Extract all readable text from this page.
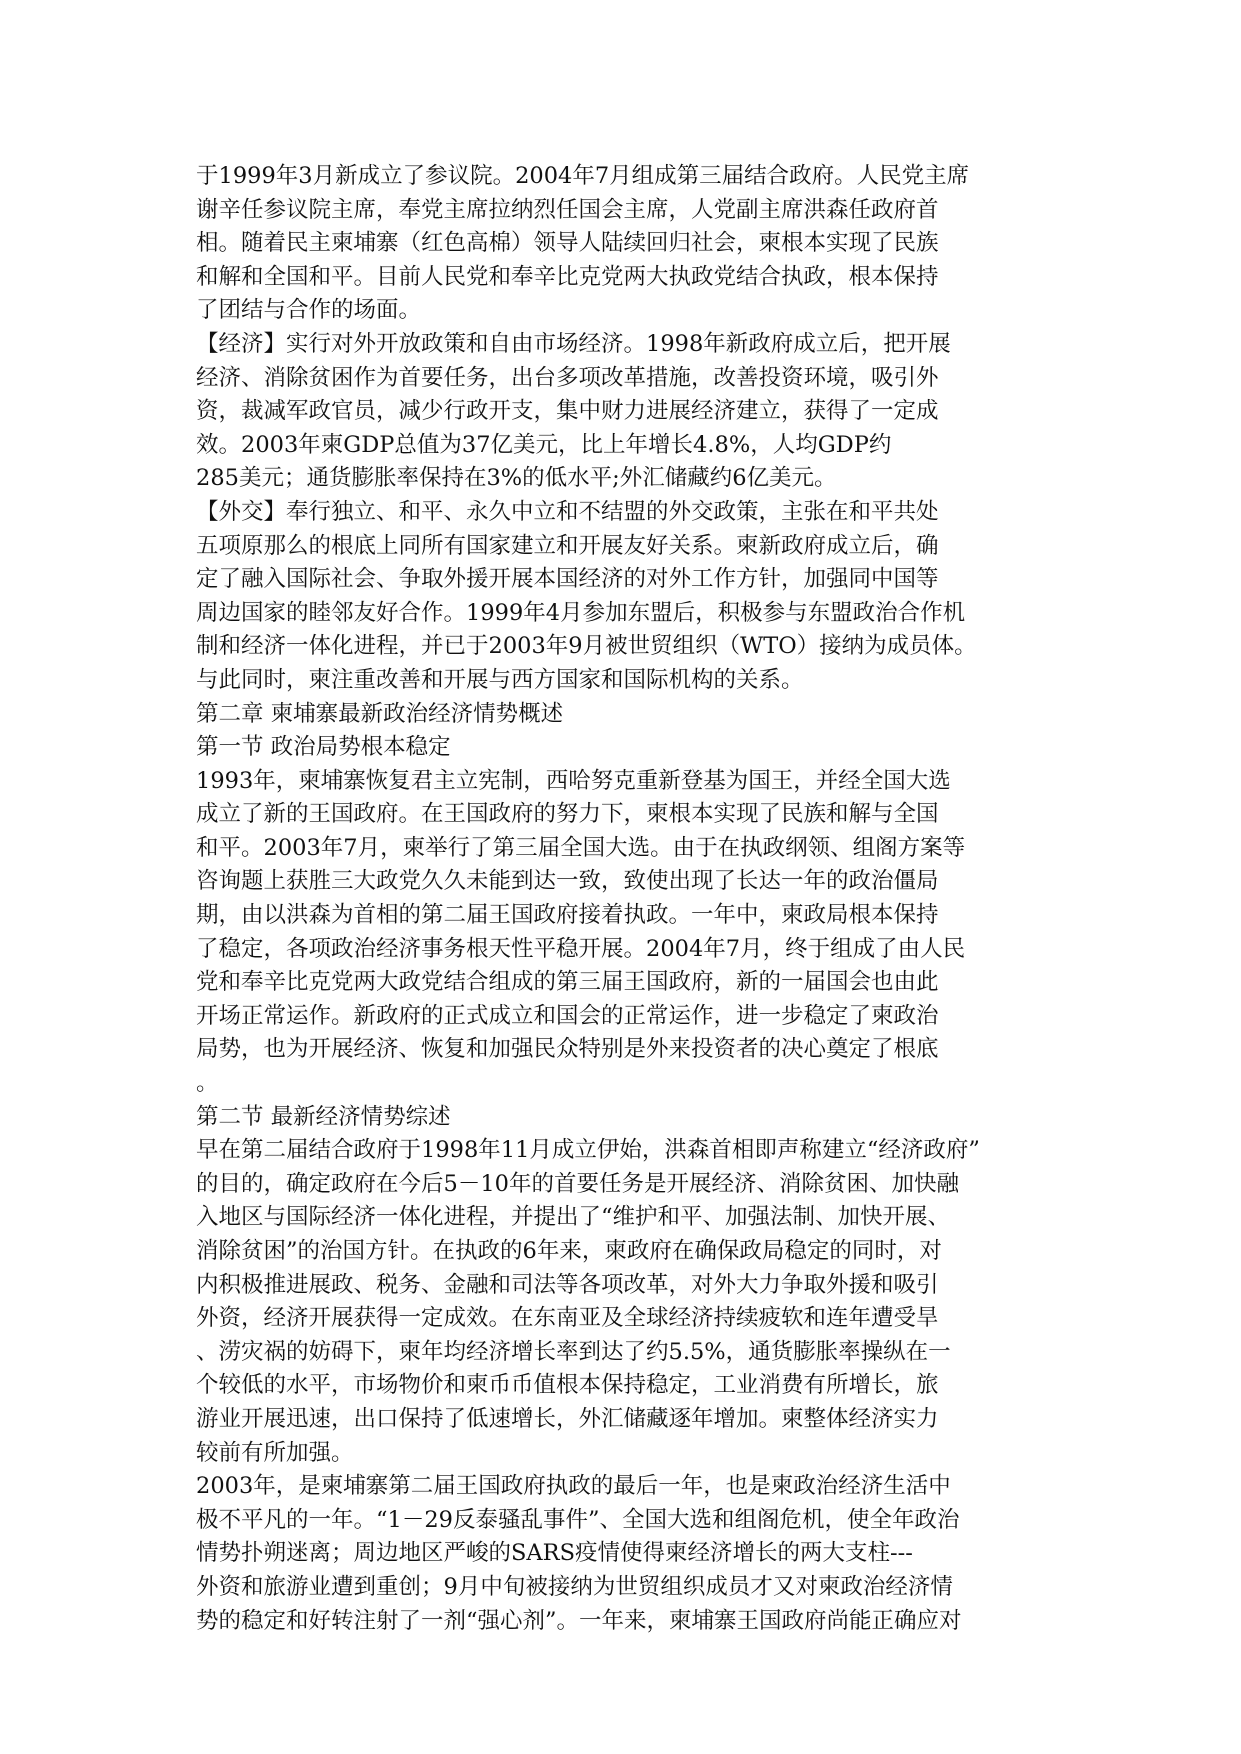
于1999年3月新成立了参议院。2004年7月组成第三届结合政府。人民党主席
谢辛任参议院主席，奉党主席拉纳烈任国会主席，人党副主席洪森任政府首
相。随着民主柬埔寨（红色高棉）领导人陆续回归社会，柬根本实现了民族
和解和全国和平。目前人民党和奉辛比克党两大执政党结合执政，根本保持
了团结与合作的场面。
【经济】实行对外开放政策和自由市场经济。1998年新政府成立后，把开展
经济、消除贫困作为首要任务，出台多项改革措施，改善投资环境，吸引外
资，裁减军政官员，减少行政开支，集中财力进展经济建立，获得了一定成
效。2003年柬GDP总值为37亿美元，比上年增长4.8%，人均GDP约
285美元；通货膨胀率保持在3%的低水平;外汇储藏约6亿美元。
【外交】奉行独立、和平、永久中立和不结盟的外交政策，主张在和平共处
五项原那么的根底上同所有国家建立和开展友好关系。柬新政府成立后，确
定了融入国际社会、争取外援开展本国经济的对外工作方针，加强同中国等
周边国家的睦邻友好合作。1999年4月参加东盟后，积极参与东盟政治合作机
制和经济一体化进程，并已于2003年9月被世贸组织（WTO）接纳为成员体。
与此同时，柬注重改善和开展与西方国家和国际机构的关系。
第二章 柬埔寨最新政治经济情势概述
第一节 政治局势根本稳定
1993年，柬埔寨恢复君主立宪制，西哈努克重新登基为国王，并经全国大选
成立了新的王国政府。在王国政府的努力下，柬根本实现了民族和解与全国
和平。2003年7月，柬举行了第三届全国大选。由于在执政纲领、组阁方案等
咨询题上获胜三大政党久久未能到达一致，致使出现了长达一年的政治僵局
期，由以洪森为首相的第二届王国政府接着执政。一年中，柬政局根本保持
了稳定，各项政治经济事务根天性平稳开展。2004年7月，终于组成了由人民
党和奉辛比克党两大政党结合组成的第三届王国政府，新的一届国会也由此
开场正常运作。新政府的正式成立和国会的正常运作，进一步稳定了柬政治
局势，也为开展经济、恢复和加强民众特别是外来投资者的决心奠定了根底
。
第二节 最新经济情势综述
早在第二届结合政府于1998年11月成立伊始，洪森首相即声称建立“经济政府”
的目的，确定政府在今后5－10年的首要任务是开展经济、消除贫困、加快融
入地区与国际经济一体化进程，并提出了“维护和平、加强法制、加快开展、
消除贫困”的治国方针。在执政的6年来，柬政府在确保政局稳定的同时，对
内积极推进展政、税务、金融和司法等各项改革，对外大力争取外援和吸引
外资，经济开展获得一定成效。在东南亚及全球经济持续疲软和连年遭受旱
、涝灾祸的妨碍下，柬年均经济增长率到达了约5.5%，通货膨胀率操纵在一
个较低的水平，市场物价和柬币币值根本保持稳定，工业消费有所增长，旅
游业开展迅速，出口保持了低速增长，外汇储藏逐年增加。柬整体经济实力
较前有所加强。
2003年，是柬埔寨第二届王国政府执政的最后一年，也是柬政治经济生活中
极不平凡的一年。“1－29反泰骚乱事件”、全国大选和组阁危机，使全年政治
情势扑朔迷离；周边地区严峻的SARS疫情使得柬经济增长的两大支柱---
外资和旅游业遭到重创；9月中旬被接纳为世贸组织成员才又对柬政治经济情
势的稳定和好转注射了一剂“强心剂”。一年来，柬埔寨王国政府尚能正确应对
